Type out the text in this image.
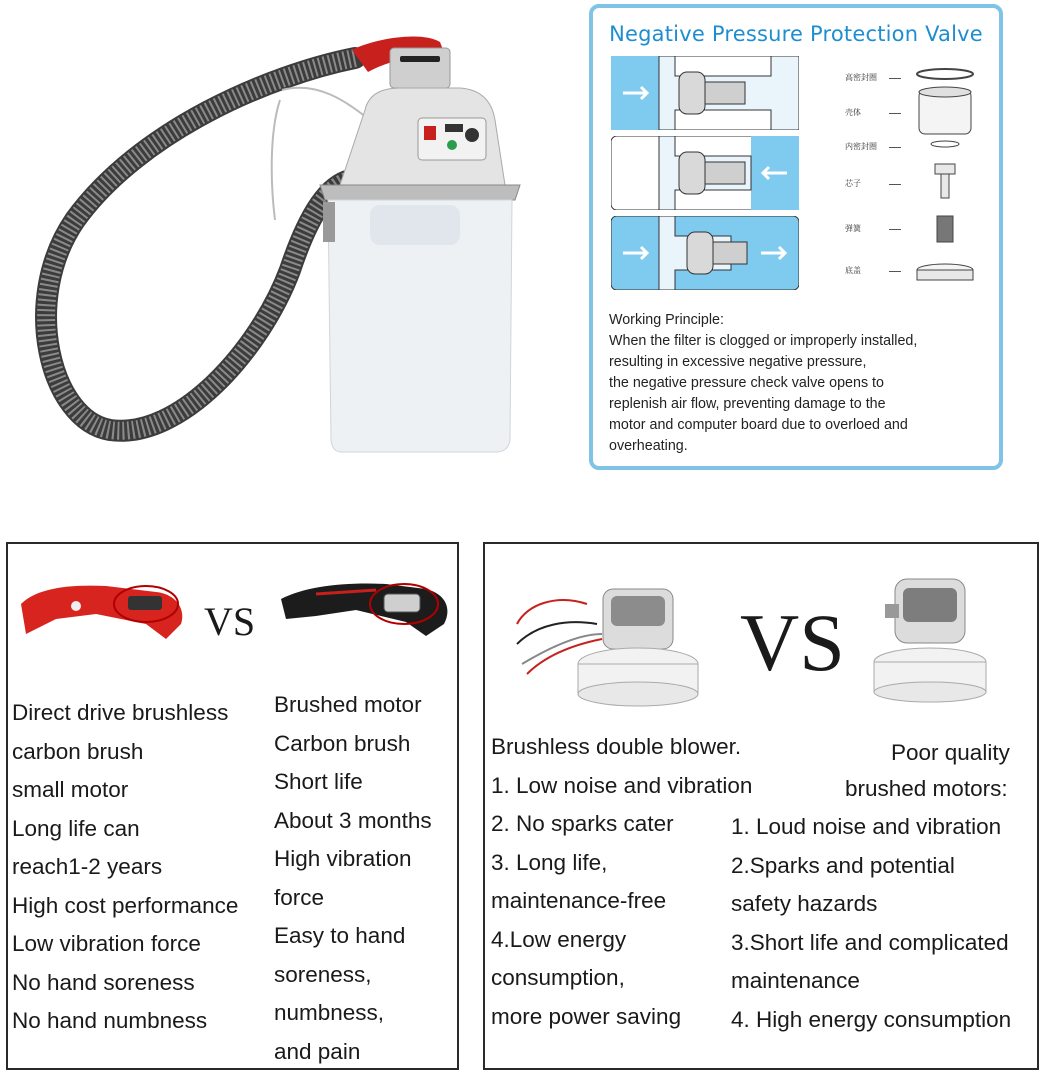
Negative Pressure Protection Valve
高密封圈
壳体
内密封圈
芯子
弹簧
底盖
Working Principle:
When the filter is clogged or improperly installed,
resulting in excessive negative pressure,
the negative pressure check valve opens to
replenish air flow, preventing damage to the
motor and computer board due to overloed and
overheating.
VS
Direct drive brushless
carbon brush
small motor
Long life can
reach1-2 years
High cost performance
Low vibration force
No hand soreness
No hand numbness
Brushed motor
Carbon brush
Short life
About 3 months
High vibration
force
Easy to hand
soreness,
numbness,
and pain
VS
Brushless double blower.
1. Low noise and vibration
2. No sparks cater
3. Long life,
maintenance-free
4.Low energy
consumption,
more power saving
Poor quality
brushed motors:
1. Loud noise and vibration
2.Sparks and potential
safety hazards
3.Short life and complicated
maintenance
4. High energy consumption
